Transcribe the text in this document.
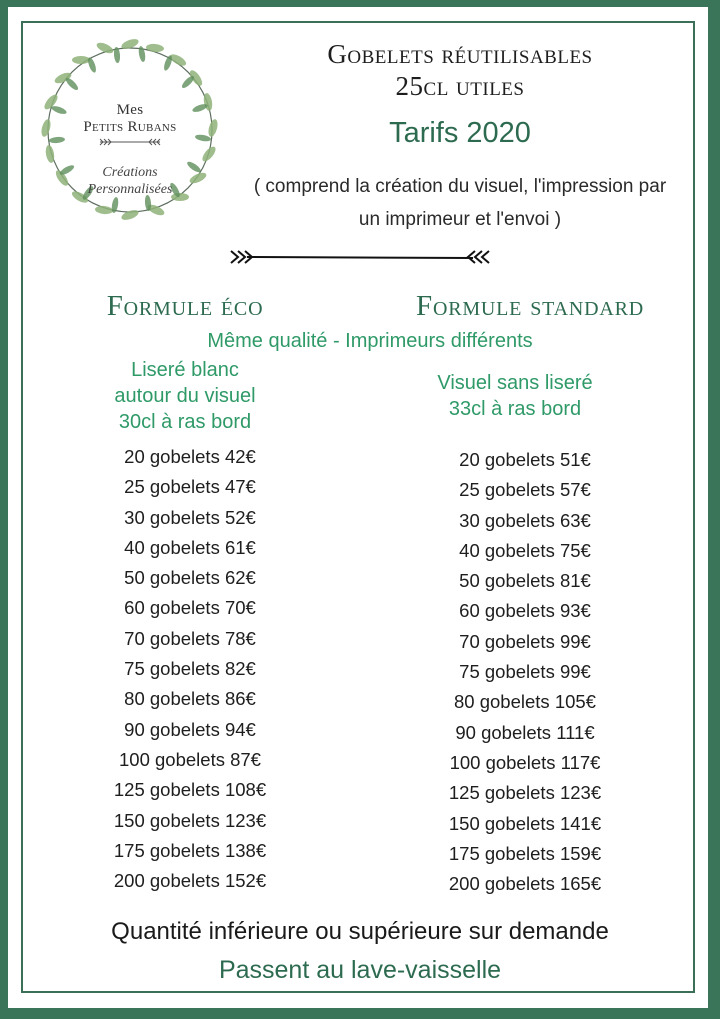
Mes
Petits Rubans
Créations
Personnalisées
Gobelets réutilisables
25cl utiles
Tarifs 2020
( comprend la création du visuel, l'impression par
un imprimeur et l'envoi )
Formule éco	Formule standard
Même qualité - Imprimeurs différents
Liseré blanc
autour du visuel
30cl à ras bord
Visuel sans liseré
33cl à ras bord
20 gobelets 42€
25 gobelets 47€
30 gobelets 52€
40 gobelets 61€
50 gobelets 62€
60 gobelets 70€
70 gobelets 78€
75 gobelets 82€
80 gobelets 86€
90 gobelets 94€
100 gobelets 87€
125 gobelets 108€
150 gobelets 123€
175 gobelets 138€
200 gobelets 152€
20 gobelets 51€
25 gobelets 57€
30 gobelets 63€
40 gobelets 75€
50 gobelets 81€
60 gobelets 93€
70 gobelets 99€
75 gobelets 99€
80 gobelets 105€
90 gobelets 111€
100 gobelets 117€
125 gobelets 123€
150 gobelets 141€
175 gobelets 159€
200 gobelets 165€
Quantité inférieure ou supérieure sur demande
Passent au lave-vaisselle
